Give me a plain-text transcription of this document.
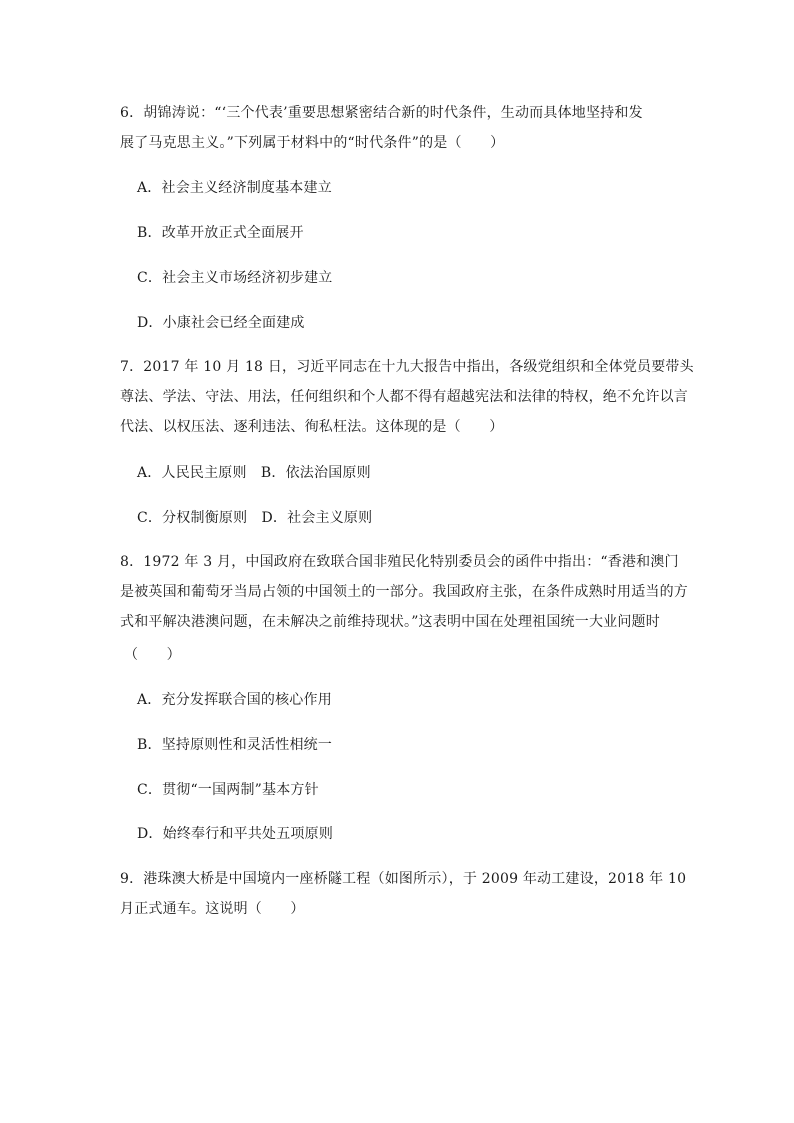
6．胡锦涛说：“‘三个代表’重要思想紧密结合新的时代条件，生动而具体地坚持和发
展了马克思主义。”下列属于材料中的“时代条件”的是（　　）
A．社会主义经济制度基本建立
B．改革开放正式全面展开
C．社会主义市场经济初步建立
D．小康社会已经全面建成
7．2017 年 10 月 18 日，习近平同志在十九大报告中指出，各级党组织和全体党员要带头
尊法、学法、守法、用法，任何组织和个人都不得有超越宪法和法律的特权，绝不允许以言
代法、以权压法、逐利违法、徇私枉法。这体现的是（　　）
A．人民民主原则　B．依法治国原则
C．分权制衡原则　D．社会主义原则
8．1972 年 3 月，中国政府在致联合国非殖民化特别委员会的函件中指出：“香港和澳门
是被英国和葡萄牙当局占领的中国领土的一部分。我国政府主张，在条件成熟时用适当的方
式和平解决港澳问题，在未解决之前维持现状。”这表明中国在处理祖国统一大业问题时
（　　）
A．充分发挥联合国的核心作用
B．坚持原则性和灵活性相统一
C．贯彻“一国两制”基本方针
D．始终奉行和平共处五项原则
9．港珠澳大桥是中国境内一座桥隧工程（如图所示），于 2009 年动工建设，2018 年 10
月正式通车。这说明（　　）
